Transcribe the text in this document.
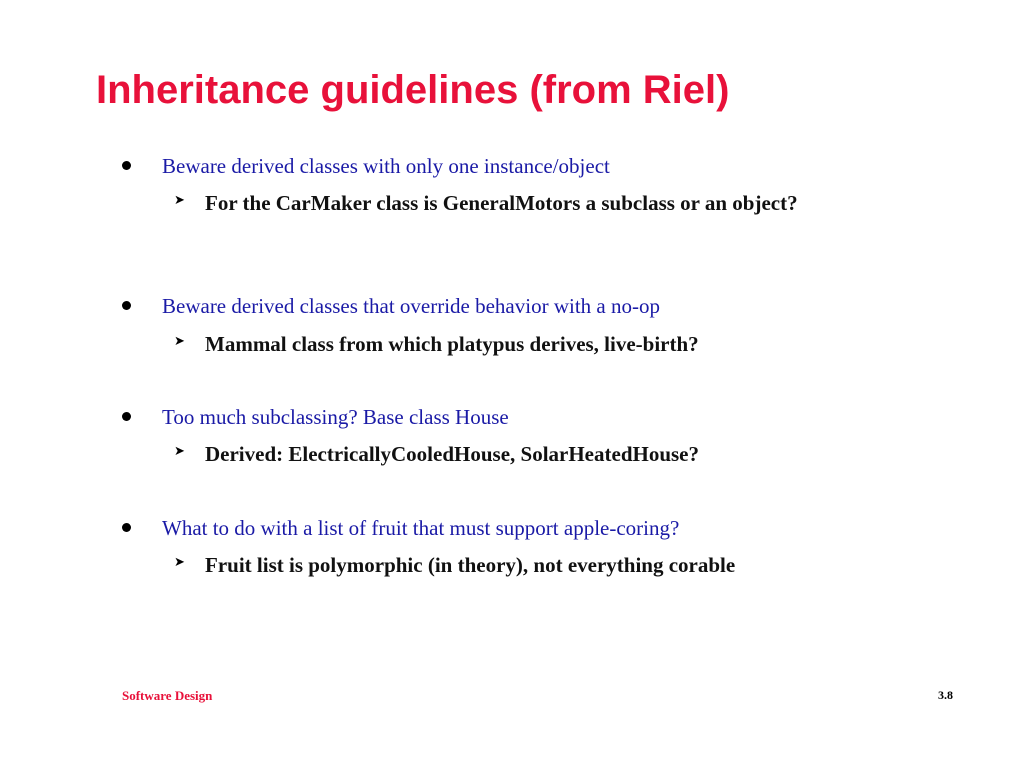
Inheritance guidelines (from Riel)
Beware derived classes with only one instance/object
➤ For the CarMaker class is GeneralMotors a subclass or an object?
Beware derived classes that override behavior with a no-op
➤ Mammal class from which platypus derives, live-birth?
Too much subclassing? Base class House
➤ Derived: ElectricallyCooledHouse, SolarHeatedHouse?
What to do with a list of fruit that must support apple-coring?
➤ Fruit list is polymorphic (in theory), not everything corable
Software Design	3.8
